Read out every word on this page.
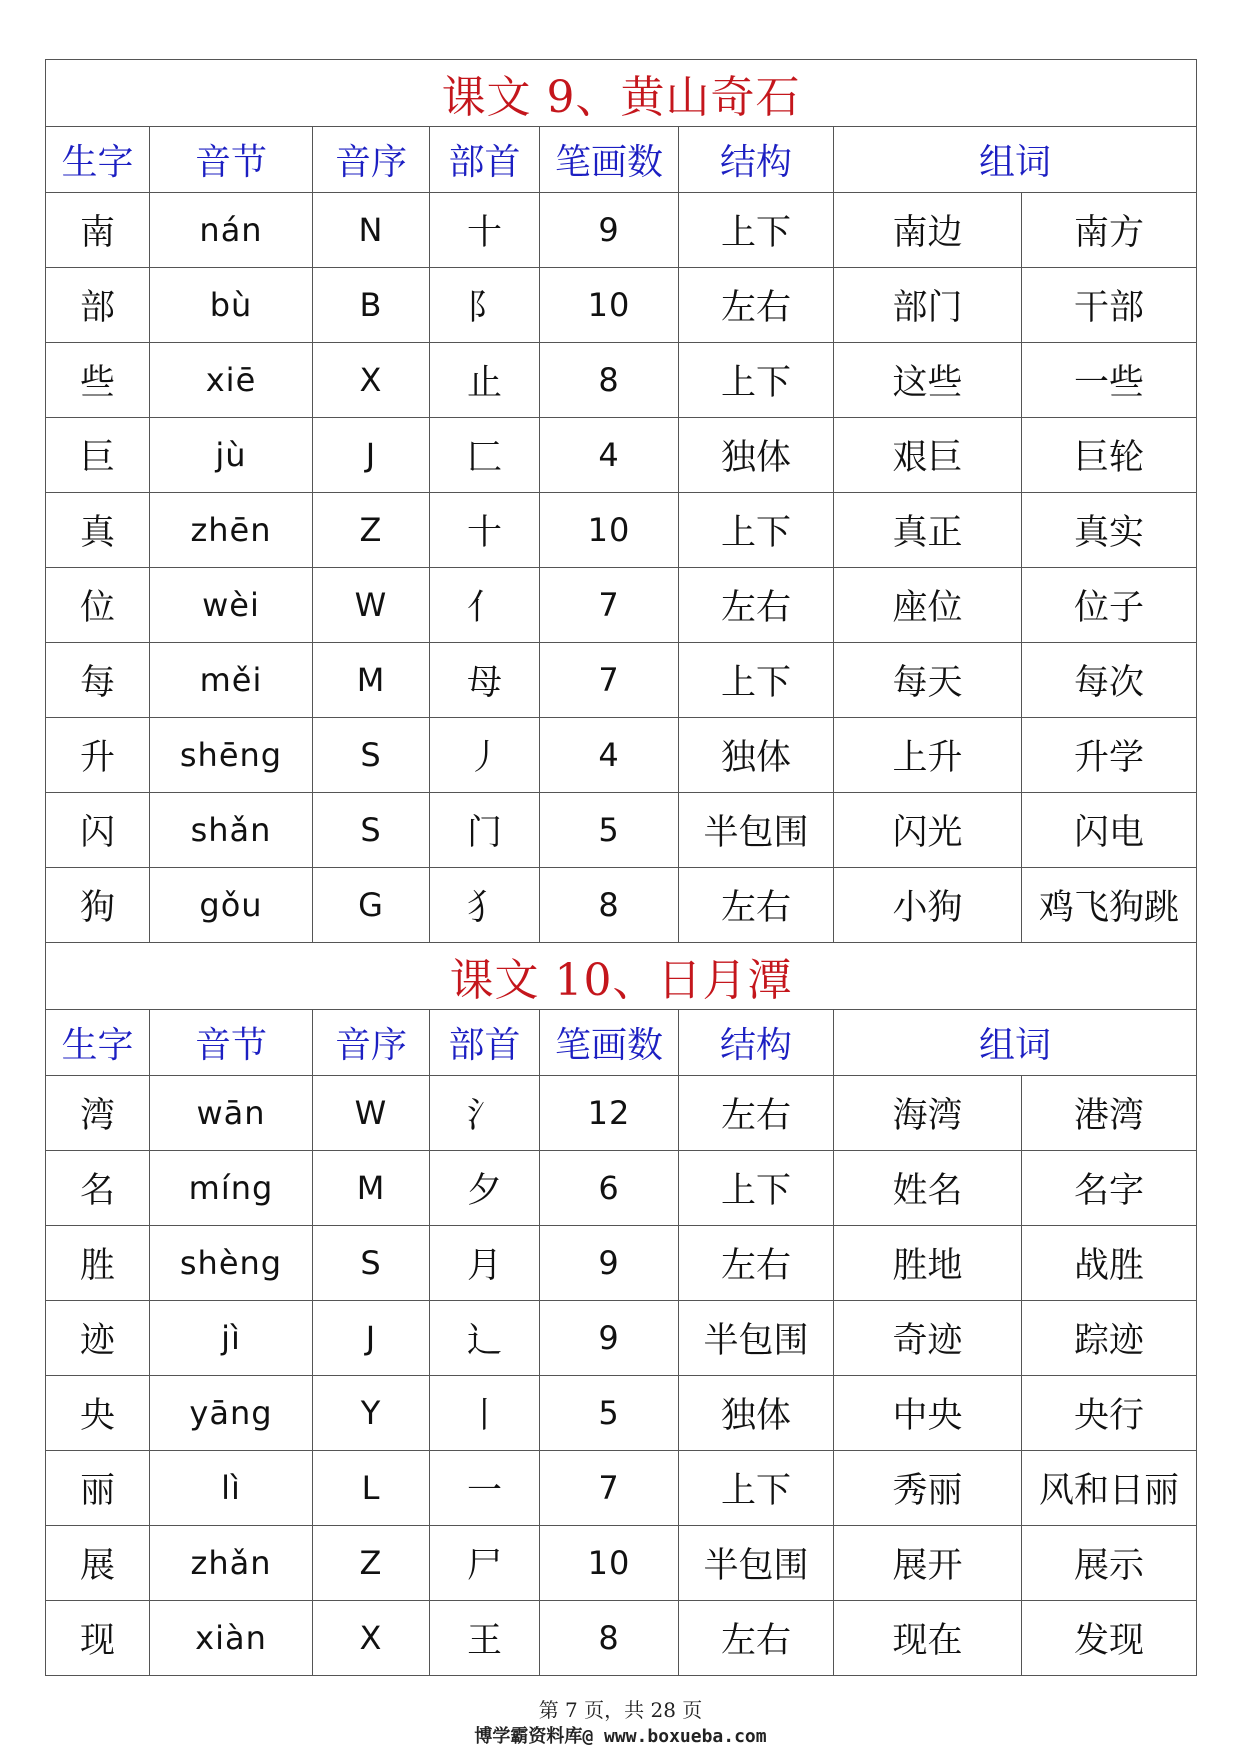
课文 9、黄山奇石							
生字	音节	音序	部首	笔画数	结构	组词	
南	nán	N	十	9	上下	南边	南方
部	bù	B	阝	10	左右	部门	干部
些	xiē	X	止	8	上下	这些	一些
巨	jù	J	匚	4	独体	艰巨	巨轮
真	zhēn	Z	十	10	上下	真正	真实
位	wèi	W	亻	7	左右	座位	位子
每	měi	M	母	7	上下	每天	每次
升	shēng	S	丿	4	独体	上升	升学
闪	shǎn	S	门	5	半包围	闪光	闪电
狗	gǒu	G	犭	8	左右	小狗	鸡飞狗跳
课文 10、日月潭							
生字	音节	音序	部首	笔画数	结构	组词	
湾	wān	W	氵	12	左右	海湾	港湾
名	míng	M	夕	6	上下	姓名	名字
胜	shèng	S	月	9	左右	胜地	战胜
迹	jì	J	辶	9	半包围	奇迹	踪迹
央	yāng	Y	丨	5	独体	中央	央行
丽	lì	L	一	7	上下	秀丽	风和日丽
展	zhǎn	Z	尸	10	半包围	展开	展示
现	xiàn	X	王	8	左右	现在	发现
第 7 页，共 28 页
博学霸资料库@ www.boxueba.com
